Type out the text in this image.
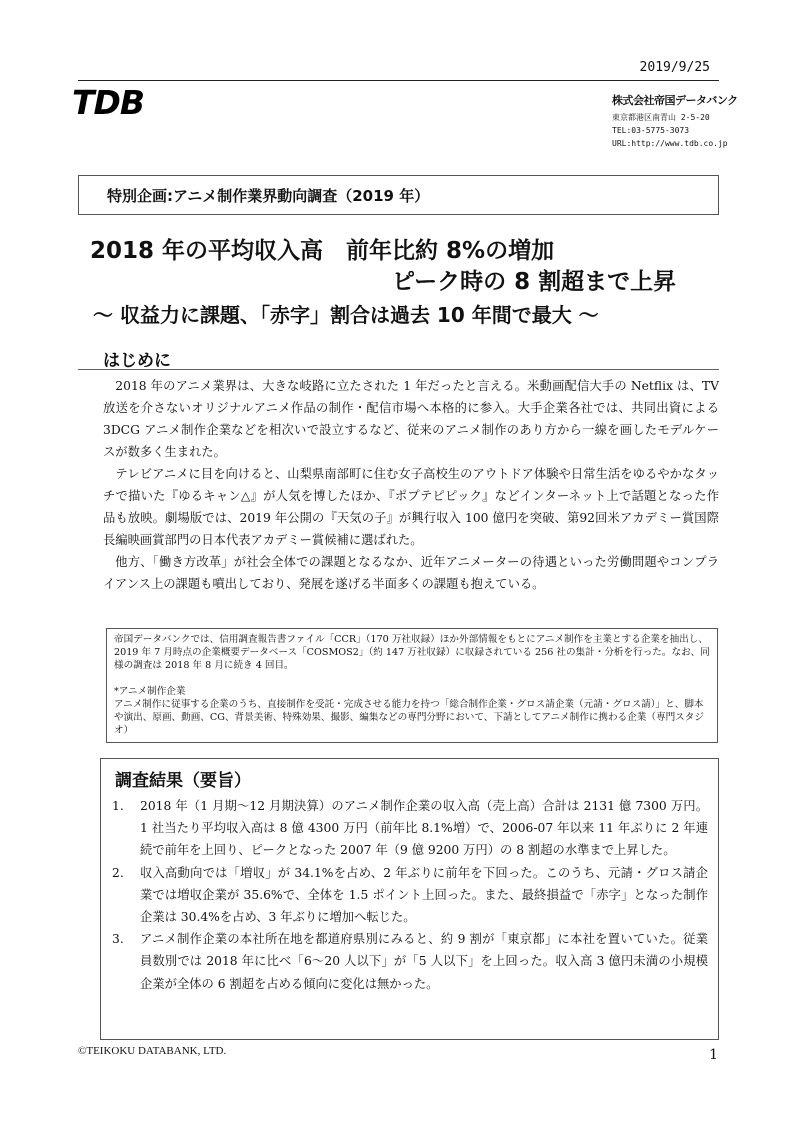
2019/9/25
TDB	株式会社帝国データバンク
東京都港区南青山 2-5-20
TEL:03-5775-3073
URL:http://www.tdb.co.jp
特別企画:アニメ制作業界動向調査（2019 年）
2018 年の平均収入高　前年比約 8%の増加
ピーク時の 8 割超まで上昇
～ 収益力に課題、「赤字」割合は過去 10 年間で最大 ～
はじめに

2018 年のアニメ業界は、大きな岐路に立たされた 1 年だったと言える。米動画配信大手の Netflix は、TV 放送を介さないオリジナルアニメ作品の制作・配信市場へ本格的に参入。大手企業各社では、共同出資による 3DCG アニメ制作企業などを相次いで設立するなど、従来のアニメ制作のあり方から一線を画したモデルケースが数多く生まれた。

テレビアニメに目を向けると、山梨県南部町に住む女子高校生のアウトドア体験や日常生活をゆるやかなタッチで描いた『ゆるキャン△』が人気を博したほか、『ポプテピピック』などインターネット上で話題となった作品も放映。劇場版では、2019 年公開の『天気の子』が興行収入 100 億円を突破、第92回米アカデミー賞国際長編映画賞部門の日本代表アカデミー賞候補に選ばれた。

他方、「働き方改革」が社会全体での課題となるなか、近年アニメーターの待遇といった労働問題やコンプライアンス上の課題も噴出しており、発展を遂げる半面多くの課題も抱えている。

帝国データバンクでは、信用調査報告書ファイル「CCR」（170 万社収録）ほか外部情報をもとにアニメ制作を主業とする企業を抽出し、2019 年 7 月時点の企業概要データベース「COSMOS2」（約 147 万社収録）に収録されている 256 社の集計・分析を行った。なお、同様の調査は 2018 年 8 月に続き 4 回目。

*アニメ制作企業

アニメ制作に従事する企業のうち、直接制作を受託・完成させる能力を持つ「総合制作企業・グロス請企業（元請・グロス請）」と、脚本や演出、原画、動画、CG、背景美術、特殊効果、撮影、編集などの専門分野において、下請としてアニメ制作に携わる企業（専門スタジオ）

調査結果（要旨）
1.	2018 年（1 月期～12 月期決算）のアニメ制作企業の収入高（売上高）合計は 2131 億 7300 万円。1 社当たり平均収入高は 8 億 4300 万円（前年比 8.1%増）で、2006-07 年以来 11 年ぶりに 2 年連続で前年を上回り、ピークとなった 2007 年（9 億 9200 万円）の 8 割超の水準まで上昇した。
2.	収入高動向では「増収」が 34.1%を占め、2 年ぶりに前年を下回った。このうち、元請・グロス請企業では増収企業が 35.6%で、全体を 1.5 ポイント上回った。また、最終損益で「赤字」となった制作企業は 30.4%を占め、3 年ぶりに増加へ転じた。
3.	アニメ制作企業の本社所在地を都道府県別にみると、約 9 割が「東京都」に本社を置いていた。従業員数別では 2018 年に比べ「6～20 人以下」が「5 人以下」を上回った。収入高 3 億円未満の小規模企業が全体の 6 割超を占める傾向に変化は無かった。
©TEIKOKU DATABANK, LTD.	1
